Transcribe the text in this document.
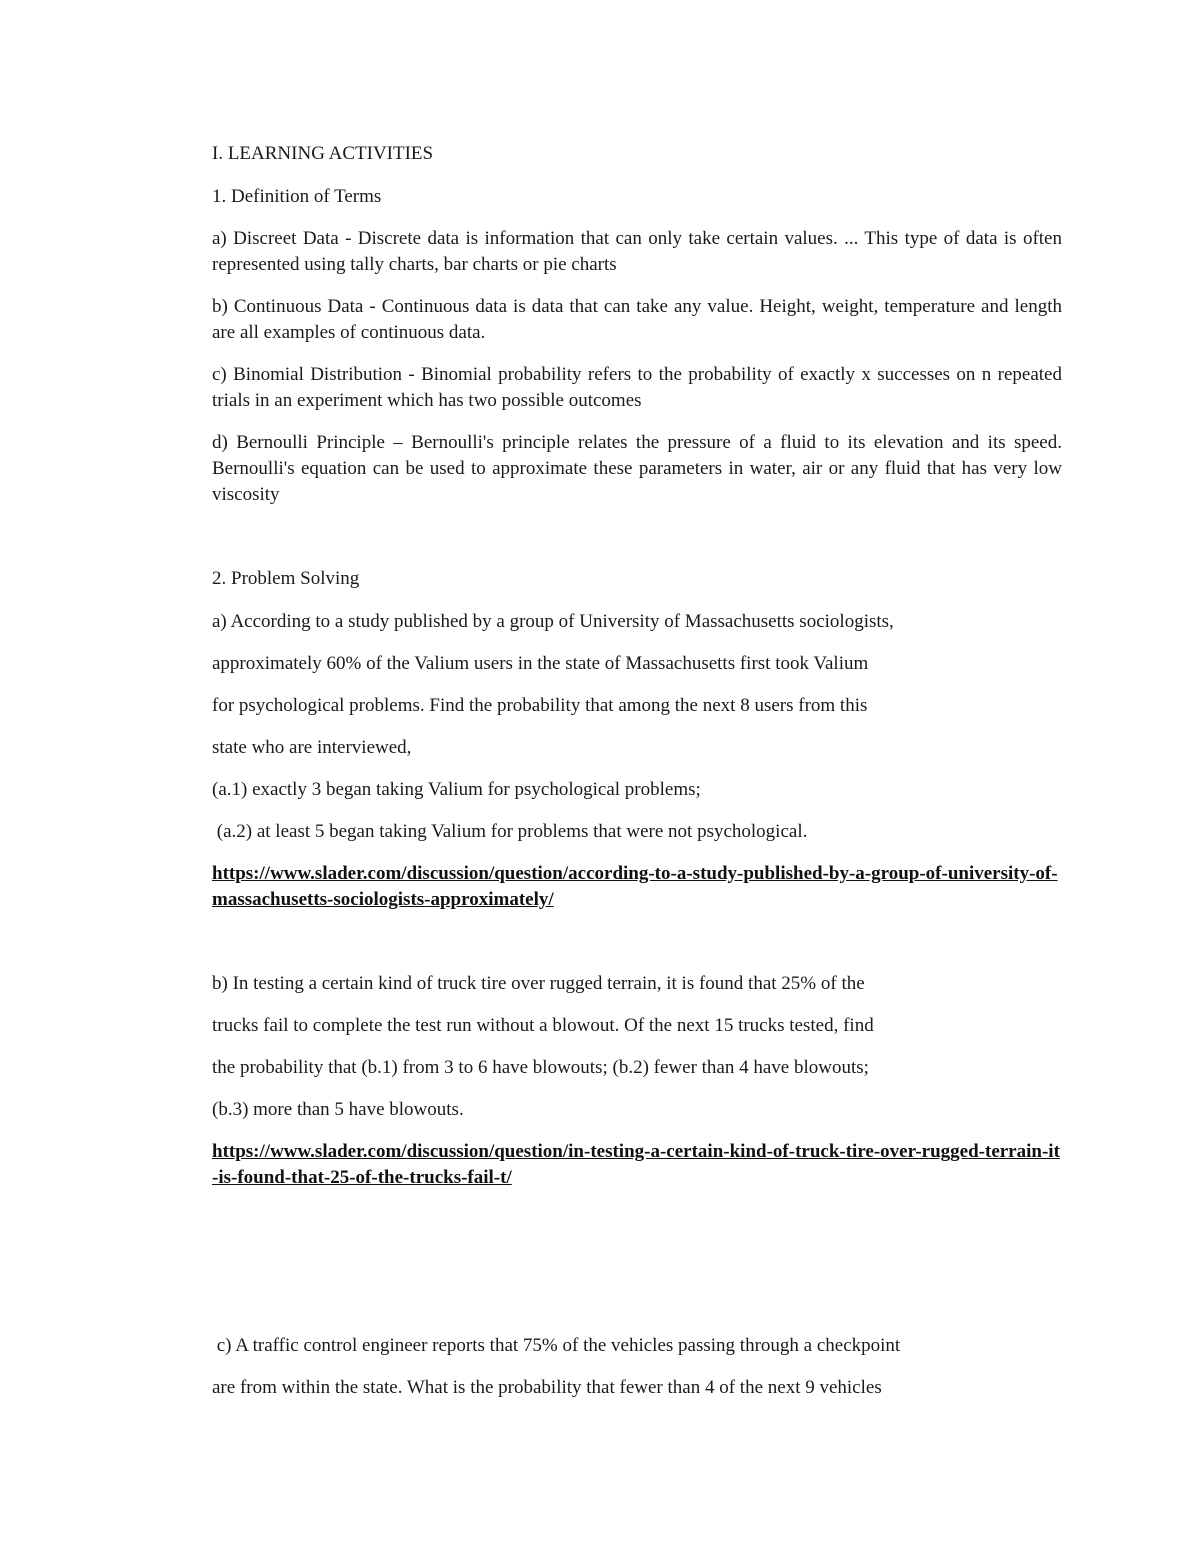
I. LEARNING ACTIVITIES

1. Definition of Terms

a) Discreet Data - Discrete data is information that can only take certain values. ... This type of data is often represented using tally charts, bar charts or pie charts

b) Continuous Data - Continuous data is data that can take any value. Height, weight, temperature and length are all examples of continuous data.

c) Binomial Distribution - Binomial probability refers to the probability of exactly x successes on n repeated trials in an experiment which has two possible outcomes

d) Bernoulli Principle – Bernoulli's principle relates the pressure of a fluid to its elevation and its speed. Bernoulli's equation can be used to approximate these parameters in water, air or any fluid that has very low viscosity

2. Problem Solving

a) According to a study published by a group of University of Massachusetts sociologists,

approximately 60% of the Valium users in the state of Massachusetts first took Valium

for psychological problems. Find the probability that among the next 8 users from this

state who are interviewed,

(a.1) exactly 3 began taking Valium for psychological problems;

(a.2) at least 5 began taking Valium for problems that were not psychological.

https://www.slader.com/discussion/question/according-to-a-study-published-by-a-group-of-university-of-massachusetts-sociologists-approximately/

b) In testing a certain kind of truck tire over rugged terrain, it is found that 25% of the

trucks fail to complete the test run without a blowout. Of the next 15 trucks tested, find

the probability that (b.1) from 3 to 6 have blowouts; (b.2) fewer than 4 have blowouts;

(b.3) more than 5 have blowouts.

https://www.slader.com/discussion/question/in-testing-a-certain-kind-of-truck-tire-over-rugged-terrain-it-is-found-that-25-of-the-trucks-fail-t/

c) A traffic control engineer reports that 75% of the vehicles passing through a checkpoint

are from within the state. What is the probability that fewer than 4 of the next 9 vehicles
